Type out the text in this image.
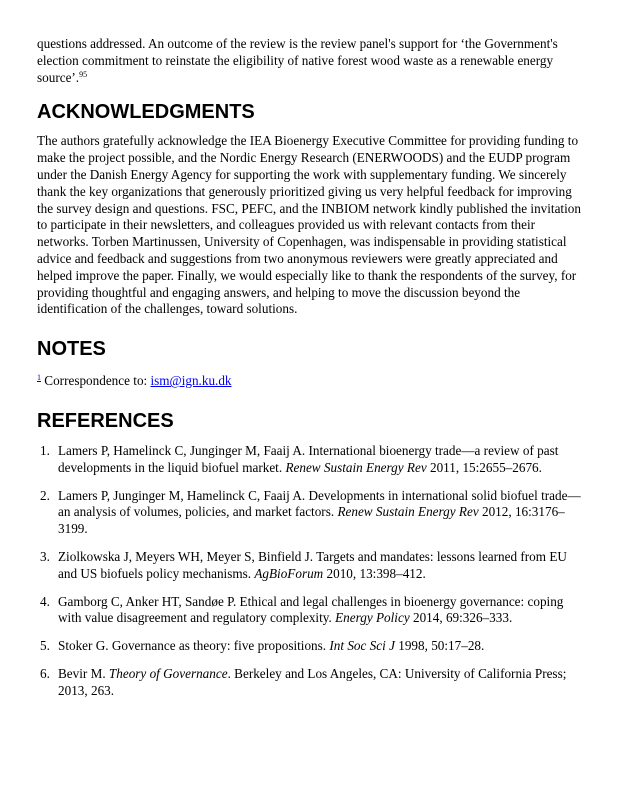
questions addressed. An outcome of the review is the review panel's support for ‘the Government's election commitment to reinstate the eligibility of native forest wood waste as a renewable energy source’.$^{95}$

ACKNOWLEDGMENTS

The authors gratefully acknowledge the IEA Bioenergy Executive Committee for providing funding to make the project possible, and the Nordic Energy Research (ENERWOODS) and the EUDP program under the Danish Energy Agency for supporting the work with supplementary funding. We sincerely thank the key organizations that generously prioritized giving us very helpful feedback for improving the survey design and questions. FSC, PEFC, and the INBIOM network kindly published the invitation to participate in their newsletters, and colleagues provided us with relevant contacts from their networks. Torben Martinussen, University of Copenhagen, was indispensable in providing statistical advice and feedback and suggestions from two anonymous reviewers were greatly appreciated and helped improve the paper. Finally, we would especially like to thank the respondents of the survey, for providing thoughtful and engaging answers, and helping to move the discussion beyond the identification of the challenges, toward solutions.

NOTES

$^1$ Correspondence to: ism@ign.ku.dk

REFERENCES
1. Lamers P, Hamelinck C, Junginger M, Faaij A. International bioenergy trade—a review of past developments in the liquid biofuel market. Renew Sustain Energy Rev 2011, 15:2655–2676.
2. Lamers P, Junginger M, Hamelinck C, Faaij A. Developments in international solid biofuel trade—an analysis of volumes, policies, and market factors. Renew Sustain Energy Rev 2012, 16:3176–3199.
3. Ziolkowska J, Meyers WH, Meyer S, Binfield J. Targets and mandates: lessons learned from EU and US biofuels policy mechanisms. AgBioForum 2010, 13:398–412.
4. Gamborg C, Anker HT, Sandøe P. Ethical and legal challenges in bioenergy governance: coping with value disagreement and regulatory complexity. Energy Policy 2014, 69:326–333.
5. Stoker G. Governance as theory: five propositions. Int Soc Sci J 1998, 50:17–28.
6. Bevir M. Theory of Governance. Berkeley and Los Angeles, CA: University of California Press; 2013, 263.
